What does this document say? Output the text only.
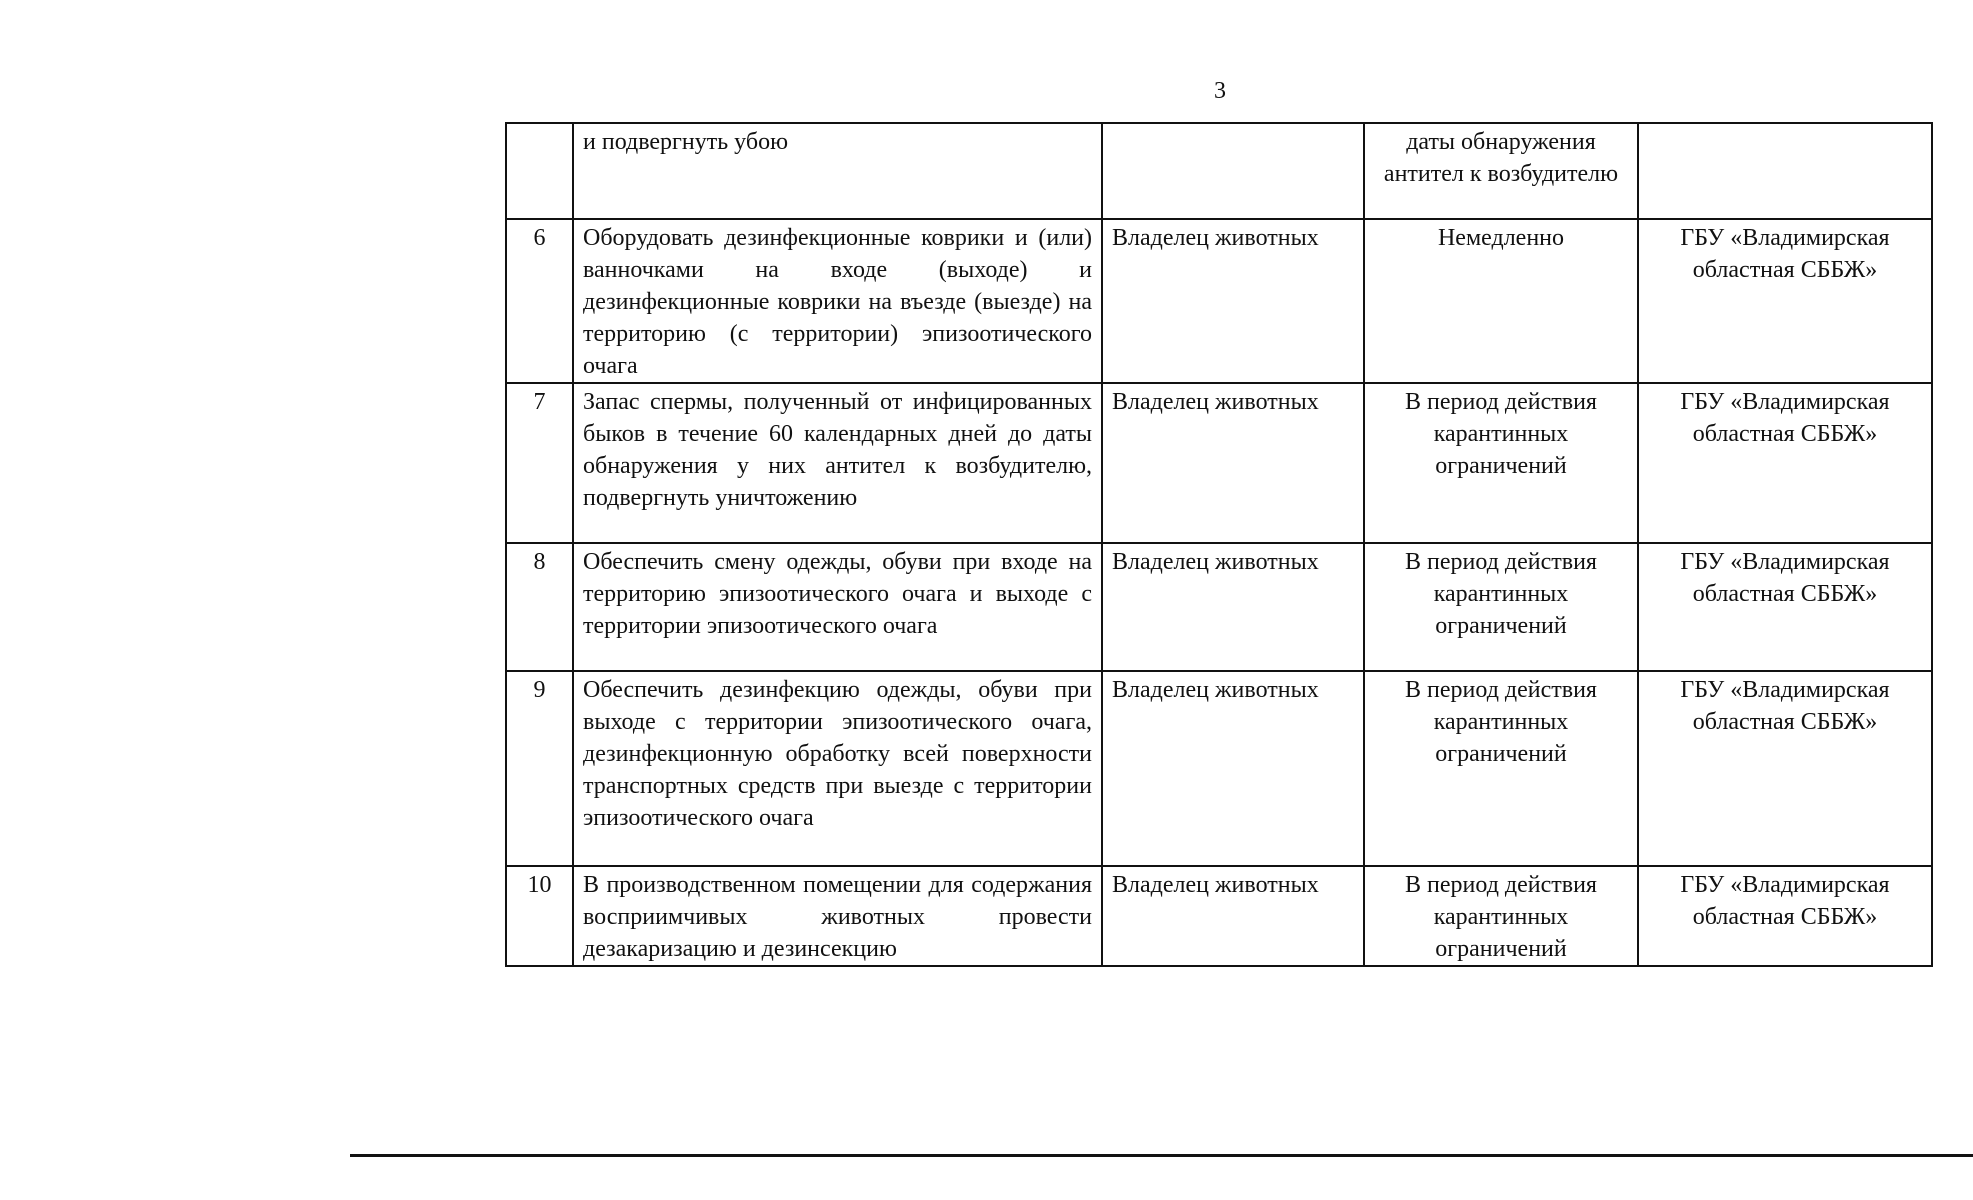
3
	и подвергнуть убою		даты обнаружения антител к возбудителю	
6	Оборудовать дезинфекционные коврики и (или) ванночками на входе (выходе) и дезинфекционные коврики на въезде (выезде) на территорию (с территории) эпизоотического очага	Владелец животных	Немедленно	ГБУ «Владимирская областная СББЖ»
7	Запас спермы, полученный от инфицированных быков в течение 60 календарных дней до даты обнаружения у них антител к возбудителю, подвергнуть уничтожению	Владелец животных	В период действия карантинных ограничений	ГБУ «Владимирская областная СББЖ»
8	Обеспечить смену одежды, обуви при входе на территорию эпизоотического очага и выходе с территории эпизоотического очага	Владелец животных	В период действия карантинных ограничений	ГБУ «Владимирская областная СББЖ»
9	Обеспечить дезинфекцию одежды, обуви при выходе с территории эпизоотического очага, дезинфекционную обработку всей поверхности транспортных средств при выезде с территории эпизоотического очага	Владелец животных	В период действия карантинных ограничений	ГБУ «Владимирская областная СББЖ»
10	В производственном помещении для содержания восприимчивых животных провести дезакаризацию и дезинсекцию	Владелец животных	В период действия карантинных ограничений	ГБУ «Владимирская областная СББЖ»
